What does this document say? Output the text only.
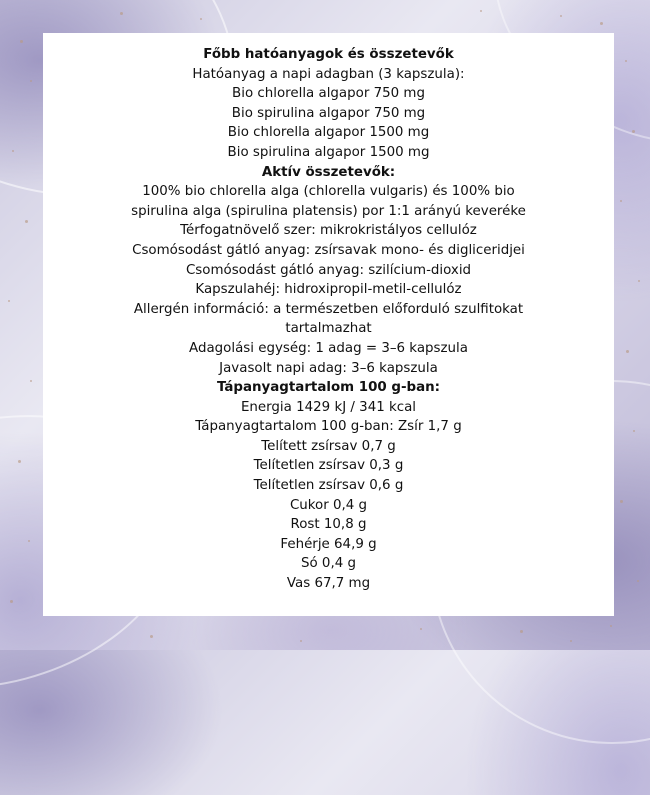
Főbb hatóanyagok és összetevők
Hatóanyag a napi adagban (3 kapszula):
Bio chlorella algapor 750 mg
Bio spirulina algapor 750 mg
Bio chlorella algapor 1500 mg
Bio spirulina algapor 1500 mg
Aktív összetevők:
100% bio chlorella alga (chlorella vulgaris) és 100% bio
spirulina alga (spirulina platensis) por 1:1 arányú keveréke
Térfogatnövelő szer: mikrokristályos cellulóz
Csomósodást gátló anyag: zsírsavak mono- és digliceridjei
Csomósodást gátló anyag: szilícium-dioxid
Kapszulahéj: hidroxipropil-metil-cellulóz
Allergén információ: a természetben előforduló szulfitokat
tartalmazhat
Adagolási egység: 1 adag = 3–6 kapszula
Javasolt napi adag: 3–6 kapszula
Tápanyagtartalom 100 g-ban:
Energia 1429 kJ / 341 kcal
Tápanyagtartalom 100 g-ban: Zsír 1,7 g
Telített zsírsav 0,7 g
Telítetlen zsírsav 0,3 g
Telítetlen zsírsav 0,6 g
Cukor 0,4 g
Rost 10,8 g
Fehérje 64,9 g
Só 0,4 g
Vas 67,7 mg
